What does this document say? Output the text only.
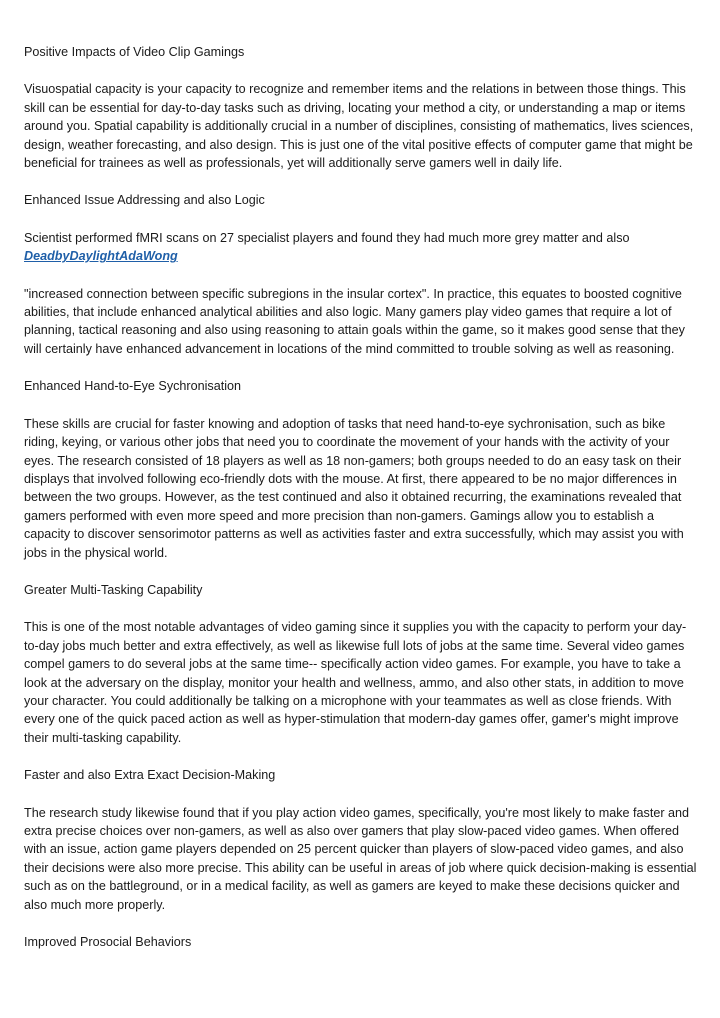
Positive Impacts of Video Clip Gamings

Visuospatial capacity is your capacity to recognize and remember items and the relations in between those things. This skill can be essential for day-to-day tasks such as driving, locating your method a city, or understanding a map or items around you. Spatial capability is additionally crucial in a number of disciplines, consisting of mathematics, lives sciences, design, weather forecasting, and also design. This is just one of the vital positive effects of computer game that might be beneficial for trainees as well as professionals, yet will additionally serve gamers well in daily life.

Enhanced Issue Addressing and also Logic

Scientist performed fMRI scans on 27 specialist players and found they had much more grey matter and also
DeadbyDaylightAdaWong

"increased connection between specific subregions in the insular cortex". In practice, this equates to boosted cognitive abilities, that include enhanced analytical abilities and also logic. Many gamers play video games that require a lot of planning, tactical reasoning and also using reasoning to attain goals within the game, so it makes good sense that they will certainly have enhanced advancement in locations of the mind committed to trouble solving as well as reasoning.

Enhanced Hand-to-Eye Sychronisation

These skills are crucial for faster knowing and adoption of tasks that need hand-to-eye sychronisation, such as bike riding, keying, or various other jobs that need you to coordinate the movement of your hands with the activity of your eyes. The research consisted of 18 players as well as 18 non-gamers; both groups needed to do an easy task on their displays that involved following eco-friendly dots with the mouse. At first, there appeared to be no major differences in between the two groups. However, as the test continued and also it obtained recurring, the examinations revealed that gamers performed with even more speed and more precision than non-gamers. Gamings allow you to establish a capacity to discover sensorimotor patterns as well as activities faster and extra successfully, which may assist you with jobs in the physical world.

Greater Multi-Tasking Capability

This is one of the most notable advantages of video gaming since it supplies you with the capacity to perform your day-to-day jobs much better and extra effectively, as well as likewise full lots of jobs at the same time. Several video games compel gamers to do several jobs at the same time-- specifically action video games. For example, you have to take a look at the adversary on the display, monitor your health and wellness, ammo, and also other stats, in addition to move your character. You could additionally be talking on a microphone with your teammates as well as close friends. With every one of the quick paced action as well as hyper-stimulation that modern-day games offer, gamer's might improve their multi-tasking capability.

Faster and also Extra Exact Decision-Making

The research study likewise found that if you play action video games, specifically, you're most likely to make faster and extra precise choices over non-gamers, as well as also over gamers that play slow-paced video games. When offered with an issue, action game players depended on 25 percent quicker than players of slow-paced video games, and also their decisions were also more precise. This ability can be useful in areas of job where quick decision-making is essential such as on the battleground, or in a medical facility, as well as gamers are keyed to make these decisions quicker and also much more properly.

Improved Prosocial Behaviors
